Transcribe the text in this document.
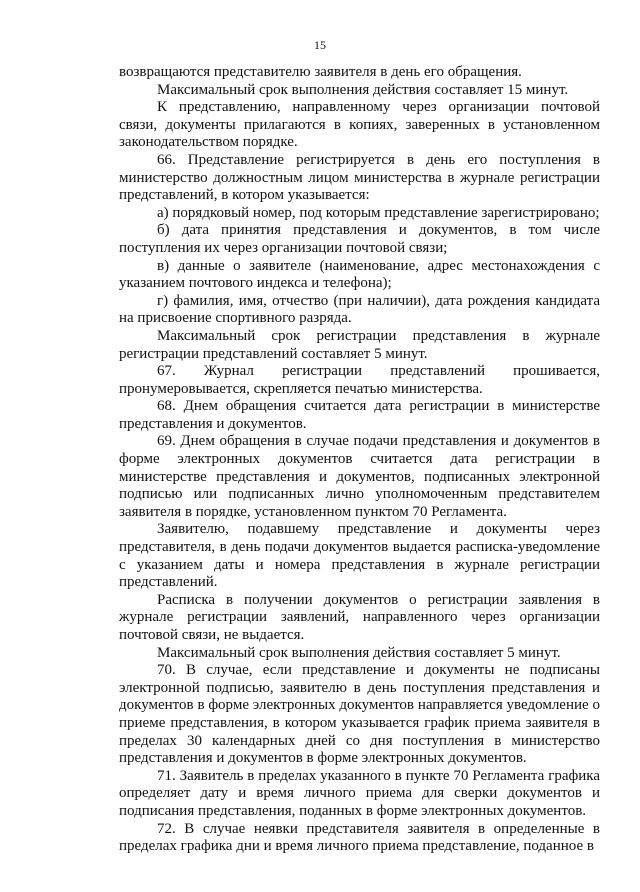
15

возвращаются представителю заявителя в день его обращения.

Максимальный срок выполнения действия составляет 15 минут.

К представлению, направленному через организации почтовой связи, документы прилагаются в копиях, заверенных в установленном законодательством порядке.

66. Представление регистрируется в день его поступления в министерство должностным лицом министерства в журнале регистрации представлений, в котором указывается:

а) порядковый номер, под которым представление зарегистрировано;

б) дата принятия представления и документов, в том числе поступления их через организации почтовой связи;

в) данные о заявителе (наименование, адрес местонахождения с указанием почтового индекса и телефона);

г) фамилия, имя, отчество (при наличии), дата рождения кандидата на присвоение спортивного разряда.

Максимальный срок регистрации представления в журнале регистрации представлений составляет 5 минут.

67. Журнал регистрации представлений прошивается, пронумеровывается, скрепляется печатью министерства.

68. Днем обращения считается дата регистрации в министерстве представления и документов.

69. Днем обращения в случае подачи представления и документов в форме электронных документов считается дата регистрации в министерстве представления и документов, подписанных электронной подписью или подписанных лично уполномоченным представителем заявителя в порядке, установленном пунктом 70 Регламента.

Заявителю, подавшему представление и документы через представителя, в день подачи документов выдается расписка-уведомление с указанием даты и номера представления в журнале регистрации представлений.

Расписка в получении документов о регистрации заявления в журнале регистрации заявлений, направленного через организации почтовой связи, не выдается.

Максимальный срок выполнения действия составляет 5 минут.

70. В случае, если представление и документы не подписаны электронной подписью, заявителю в день поступления представления и документов в форме электронных документов направляется уведомление о приеме представления, в котором указывается график приема заявителя в пределах 30 календарных дней со дня поступления в министерство представления и документов в форме электронных документов.

71. Заявитель в пределах указанного в пункте 70 Регламента графика определяет дату и время личного приема для сверки документов и подписания представления, поданных в форме электронных документов.

72. В случае неявки представителя заявителя в определенные в пределах графика дни и время личного приема представление, поданное в
